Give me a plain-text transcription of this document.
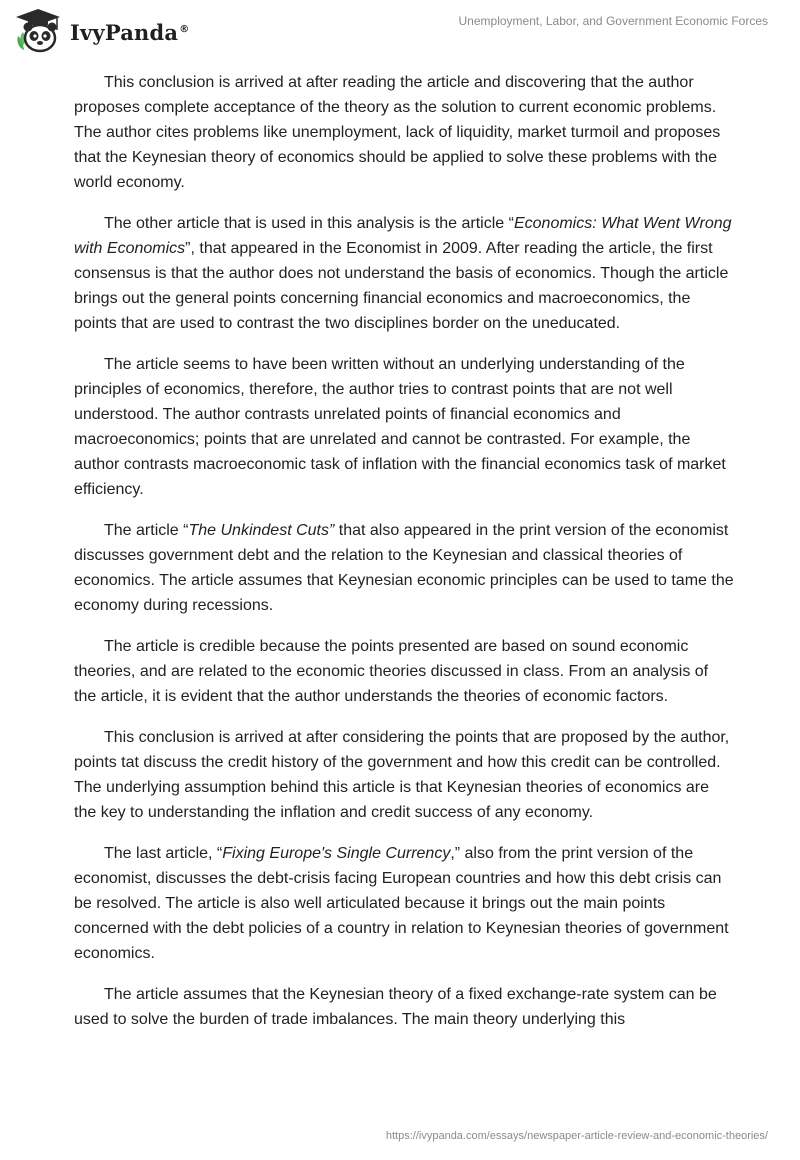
IvyPanda®
Unemployment, Labor, and Government Economic Forces

This conclusion is arrived at after reading the article and discovering that the author proposes complete acceptance of the theory as the solution to current economic problems. The author cites problems like unemployment, lack of liquidity, market turmoil and proposes that the Keynesian theory of economics should be applied to solve these problems with the world economy.

The other article that is used in this analysis is the article “Economics: What Went Wrong with Economics”, that appeared in the Economist in 2009. After reading the article, the first consensus is that the author does not understand the basis of economics. Though the article brings out the general points concerning financial economics and macroeconomics, the points that are used to contrast the two disciplines border on the uneducated.

The article seems to have been written without an underlying understanding of the principles of economics, therefore, the author tries to contrast points that are not well understood. The author contrasts unrelated points of financial economics and macroeconomics; points that are unrelated and cannot be contrasted. For example, the author contrasts macroeconomic task of inflation with the financial economics task of market efficiency.

The article “The Unkindest Cuts” that also appeared in the print version of the economist discusses government debt and the relation to the Keynesian and classical theories of economics. The article assumes that Keynesian economic principles can be used to tame the economy during recessions.

The article is credible because the points presented are based on sound economic theories, and are related to the economic theories discussed in class. From an analysis of the article, it is evident that the author understands the theories of economic factors.

This conclusion is arrived at after considering the points that are proposed by the author, points tat discuss the credit history of the government and how this credit can be controlled. The underlying assumption behind this article is that Keynesian theories of economics are the key to understanding the inflation and credit success of any economy.

The last article, “Fixing Europe's Single Currency,” also from the print version of the economist, discusses the debt-crisis facing European countries and how this debt crisis can be resolved. The article is also well articulated because it brings out the main points concerned with the debt policies of a country in relation to Keynesian theories of government economics.

The article assumes that the Keynesian theory of a fixed exchange-rate system can be used to solve the burden of trade imbalances. The main theory underlying this

https://ivypanda.com/essays/newspaper-article-review-and-economic-theories/
